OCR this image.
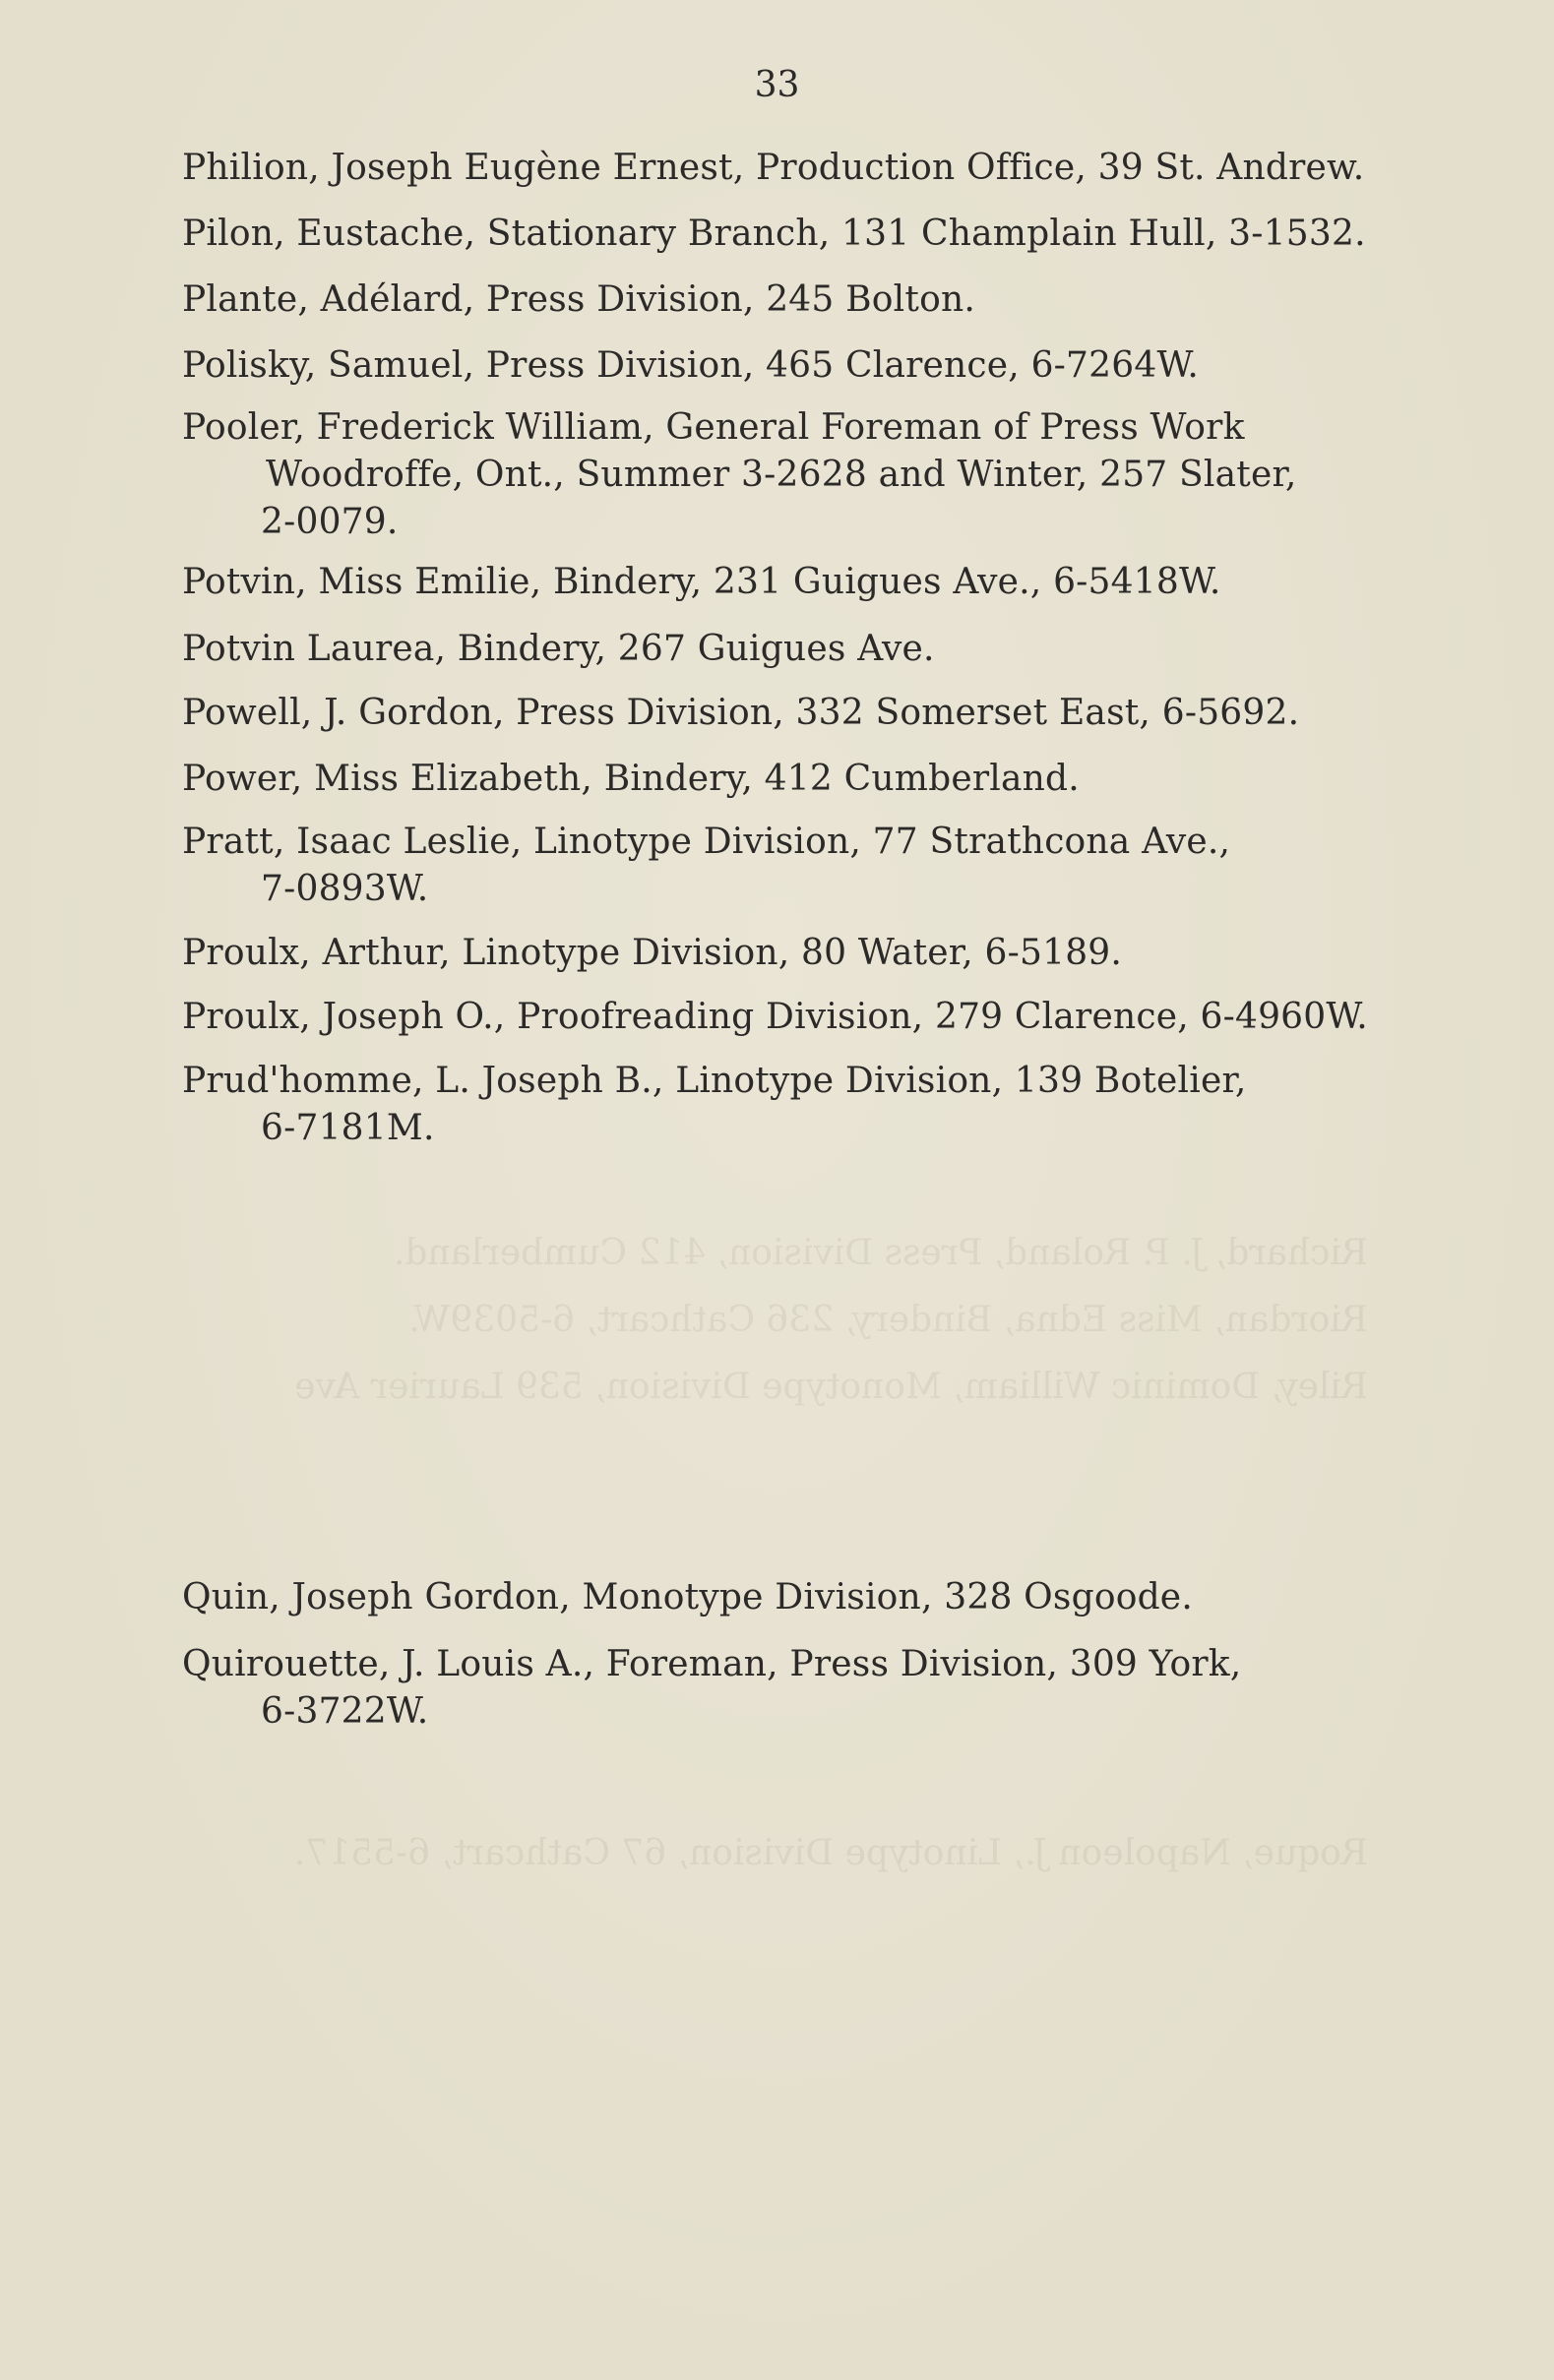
33
Richard, J. P. Roland, Press Division, 412 Cumberland.
Riordan, Miss Edna, Bindery, 236 Cathcart, 6-5039W.
Riley, Dominic William, Monotype Division, 539 Laurier Ave
Roque, Napoleon J., Linotype Division, 67 Cathcart, 6-5517.
Philion, Joseph Eugène Ernest, Production Office, 39 St. Andrew.
Pilon, Eustache, Stationary Branch, 131 Champlain Hull, 3-1532.
Plante, Adélard, Press Division, 245 Bolton.
Polisky, Samuel, Press Division, 465 Clarence, 6-7264W.
Pooler, Frederick William, General Foreman of Press Work
Woodroffe, Ont., Summer 3-2628 and Winter, 257 Slater,
2-0079.
Potvin, Miss Emilie, Bindery, 231 Guigues Ave., 6-5418W.
Potvin Laurea, Bindery, 267 Guigues Ave.
Powell, J. Gordon, Press Division, 332 Somerset East, 6-5692.
Power, Miss Elizabeth, Bindery, 412 Cumberland.
Pratt, Isaac Leslie, Linotype Division, 77 Strathcona Ave.,
7-0893W.
Proulx, Arthur, Linotype Division, 80 Water, 6-5189.
Proulx, Joseph O., Proofreading Division, 279 Clarence, 6-4960W.
Prud'homme, L. Joseph B., Linotype Division, 139 Botelier,
6-7181M.
Quin, Joseph Gordon, Monotype Division, 328 Osgoode.
Quirouette, J. Louis A., Foreman, Press Division, 309 York,
6-3722W.
